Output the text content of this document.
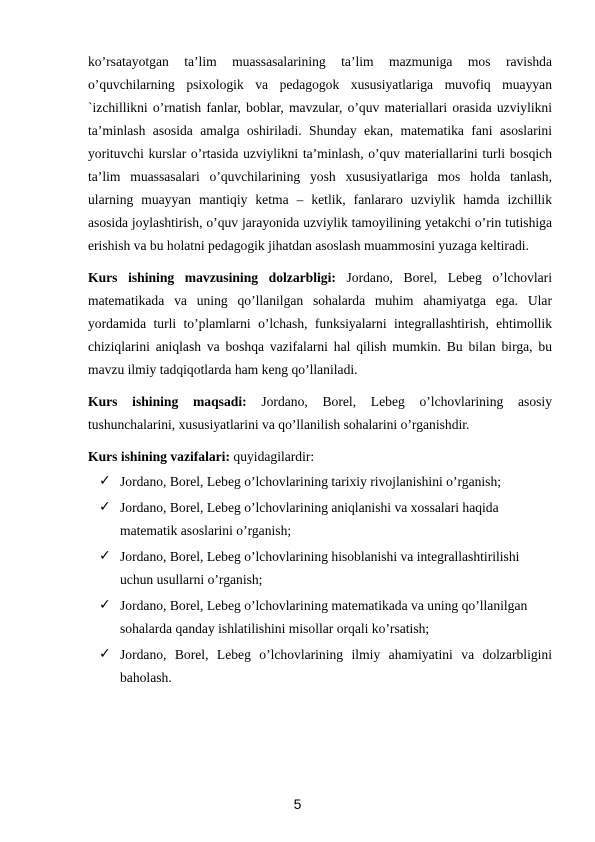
ko’rsatayotgan ta’lim muassasalarining ta’lim mazmuniga mos ravishda o’quvchilarning psixologik va pedagogok xususiyatlariga muvofiq muayyan `izchillikni o’rnatish fanlar, boblar, mavzular, o’quv materiallari orasida uzviylikni ta’minlash asosida amalga oshiriladi. Shunday ekan, matematika fani asoslarini yorituvchi kurslar o’rtasida uzviylikni ta’minlash, o’quv materiallarini turli bosqich ta’lim muassasalari o’quvchilarining yosh xususiyatlariga mos holda tanlash, ularning muayyan mantiqiy ketma – ketlik, fanlararo uzviylik hamda izchillik asosida joylashtirish, o’quv jarayonida uzviylik tamoyilining yetakchi o’rin tutishiga erishish va bu holatni pedagogik jihatdan asoslash muammosini yuzaga keltiradi.

Kurs ishining mavzusining dolzarbligi: Jordano, Borel, Lebeg o’lchovlari matematikada va uning qo’llanilgan sohalarda muhim ahamiyatga ega. Ular yordamida turli to’plamlarni o’lchash, funksiyalarni integrallashtirish, ehtimollik chiziqlarini aniqlash va boshqa vazifalarni hal qilish mumkin. Bu bilan birga, bu mavzu ilmiy tadqiqotlarda ham keng qo’llaniladi.

Kurs ishining maqsadi: Jordano, Borel, Lebeg o’lchovlarining asosiy tushunchalarini, xususiyatlarini va qo’llanilish sohalarini o’rganishdir.

Kurs ishining vazifalari: quyidagilardir:

✓ Jordano, Borel, Lebeg o’lchovlarining tarixiy rivojlanishini o’rganish;
✓ Jordano, Borel, Lebeg o’lchovlarining aniqlanishi va xossalari haqida matematik asoslarini o’rganish;
✓ Jordano, Borel, Lebeg o’lchovlarining hisoblanishi va integrallashtirilishi uchun usullarni o’rganish;
✓ Jordano, Borel, Lebeg o’lchovlarining matematikada va uning qo’llanilgan sohalarda qanday ishlatilishini misollar orqali ko’rsatish;
✓ Jordano, Borel, Lebeg o’lchovlarining ilmiy ahamiyatini va dolzarbligini baholash.
5
